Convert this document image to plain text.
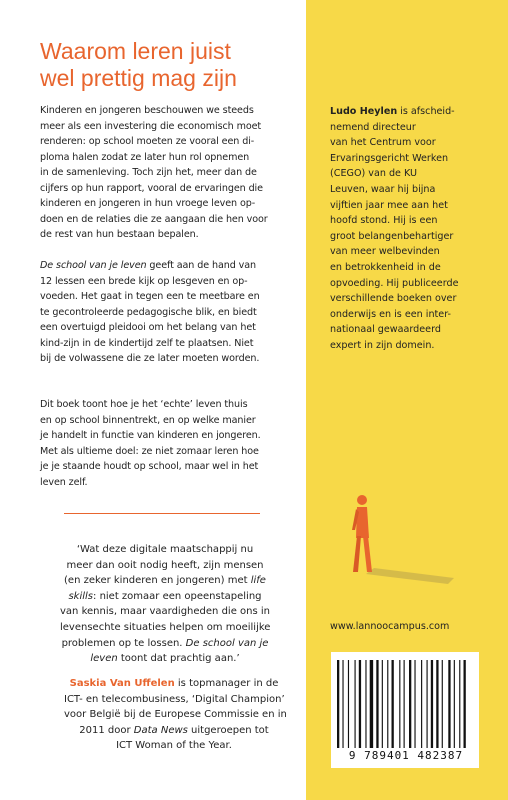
Waarom leren juist
wel prettig mag zijn
Kinderen en jongeren beschouwen we steeds
meer als een investering die economisch moet
renderen: op school moeten ze vooral een di-
ploma halen zodat ze later hun rol opnemen
in de samenleving. Toch zijn het, meer dan de
cijfers op hun rapport, vooral de ervaringen die
kinderen en jongeren in hun vroege leven op-
doen en de relaties die ze aangaan die hen voor
de rest van hun bestaan bepalen.
De school van je leven geeft aan de hand van
12 lessen een brede kijk op lesgeven en op-
voeden. Het gaat in tegen een te meetbare en
te gecontroleerde pedagogische blik, en biedt
een overtuigd pleidooi om het belang van het
kind-zijn in de kindertijd zelf te plaatsen. Niet
bij de volwassene die ze later moeten worden.
Dit boek toont hoe je het ‘echte’ leven thuis
en op school binnentrekt, en op welke manier
je handelt in functie van kinderen en jongeren.
Met als ultieme doel: ze niet zomaar leren hoe
je je staande houdt op school, maar wel in het
leven zelf.
‘Wat deze digitale maatschappij nu
meer dan ooit nodig heeft, zijn mensen
(en zeker kinderen en jongeren) met life
skills: niet zomaar een opeenstapeling
van kennis, maar vaardigheden die ons in
levensechte situaties helpen om moeilijke
problemen op te lossen. De school van je
leven toont dat prachtig aan.’
Saskia Van Uffelen is topmanager in de
ICT- en telecombusiness, ‘Digital Champion’
voor België bij de Europese Commissie en in
2011 door Data News uitgeroepen tot
ICT Woman of the Year.
Ludo Heylen is afscheid-
nemend directeur
van het Centrum voor
Ervaringsgericht Werken
(CEGO) van de KU
Leuven, waar hij bijna
vijftien jaar mee aan het
hoofd stond. Hij is een
groot belangenbehartiger
van meer welbevinden
en betrokkenheid in de
opvoeding. Hij publiceerde
verschillende boeken over
onderwijs en is een inter-
nationaal gewaardeerd
expert in zijn domein.
www.lannoocampus.com
9 789401 482387
